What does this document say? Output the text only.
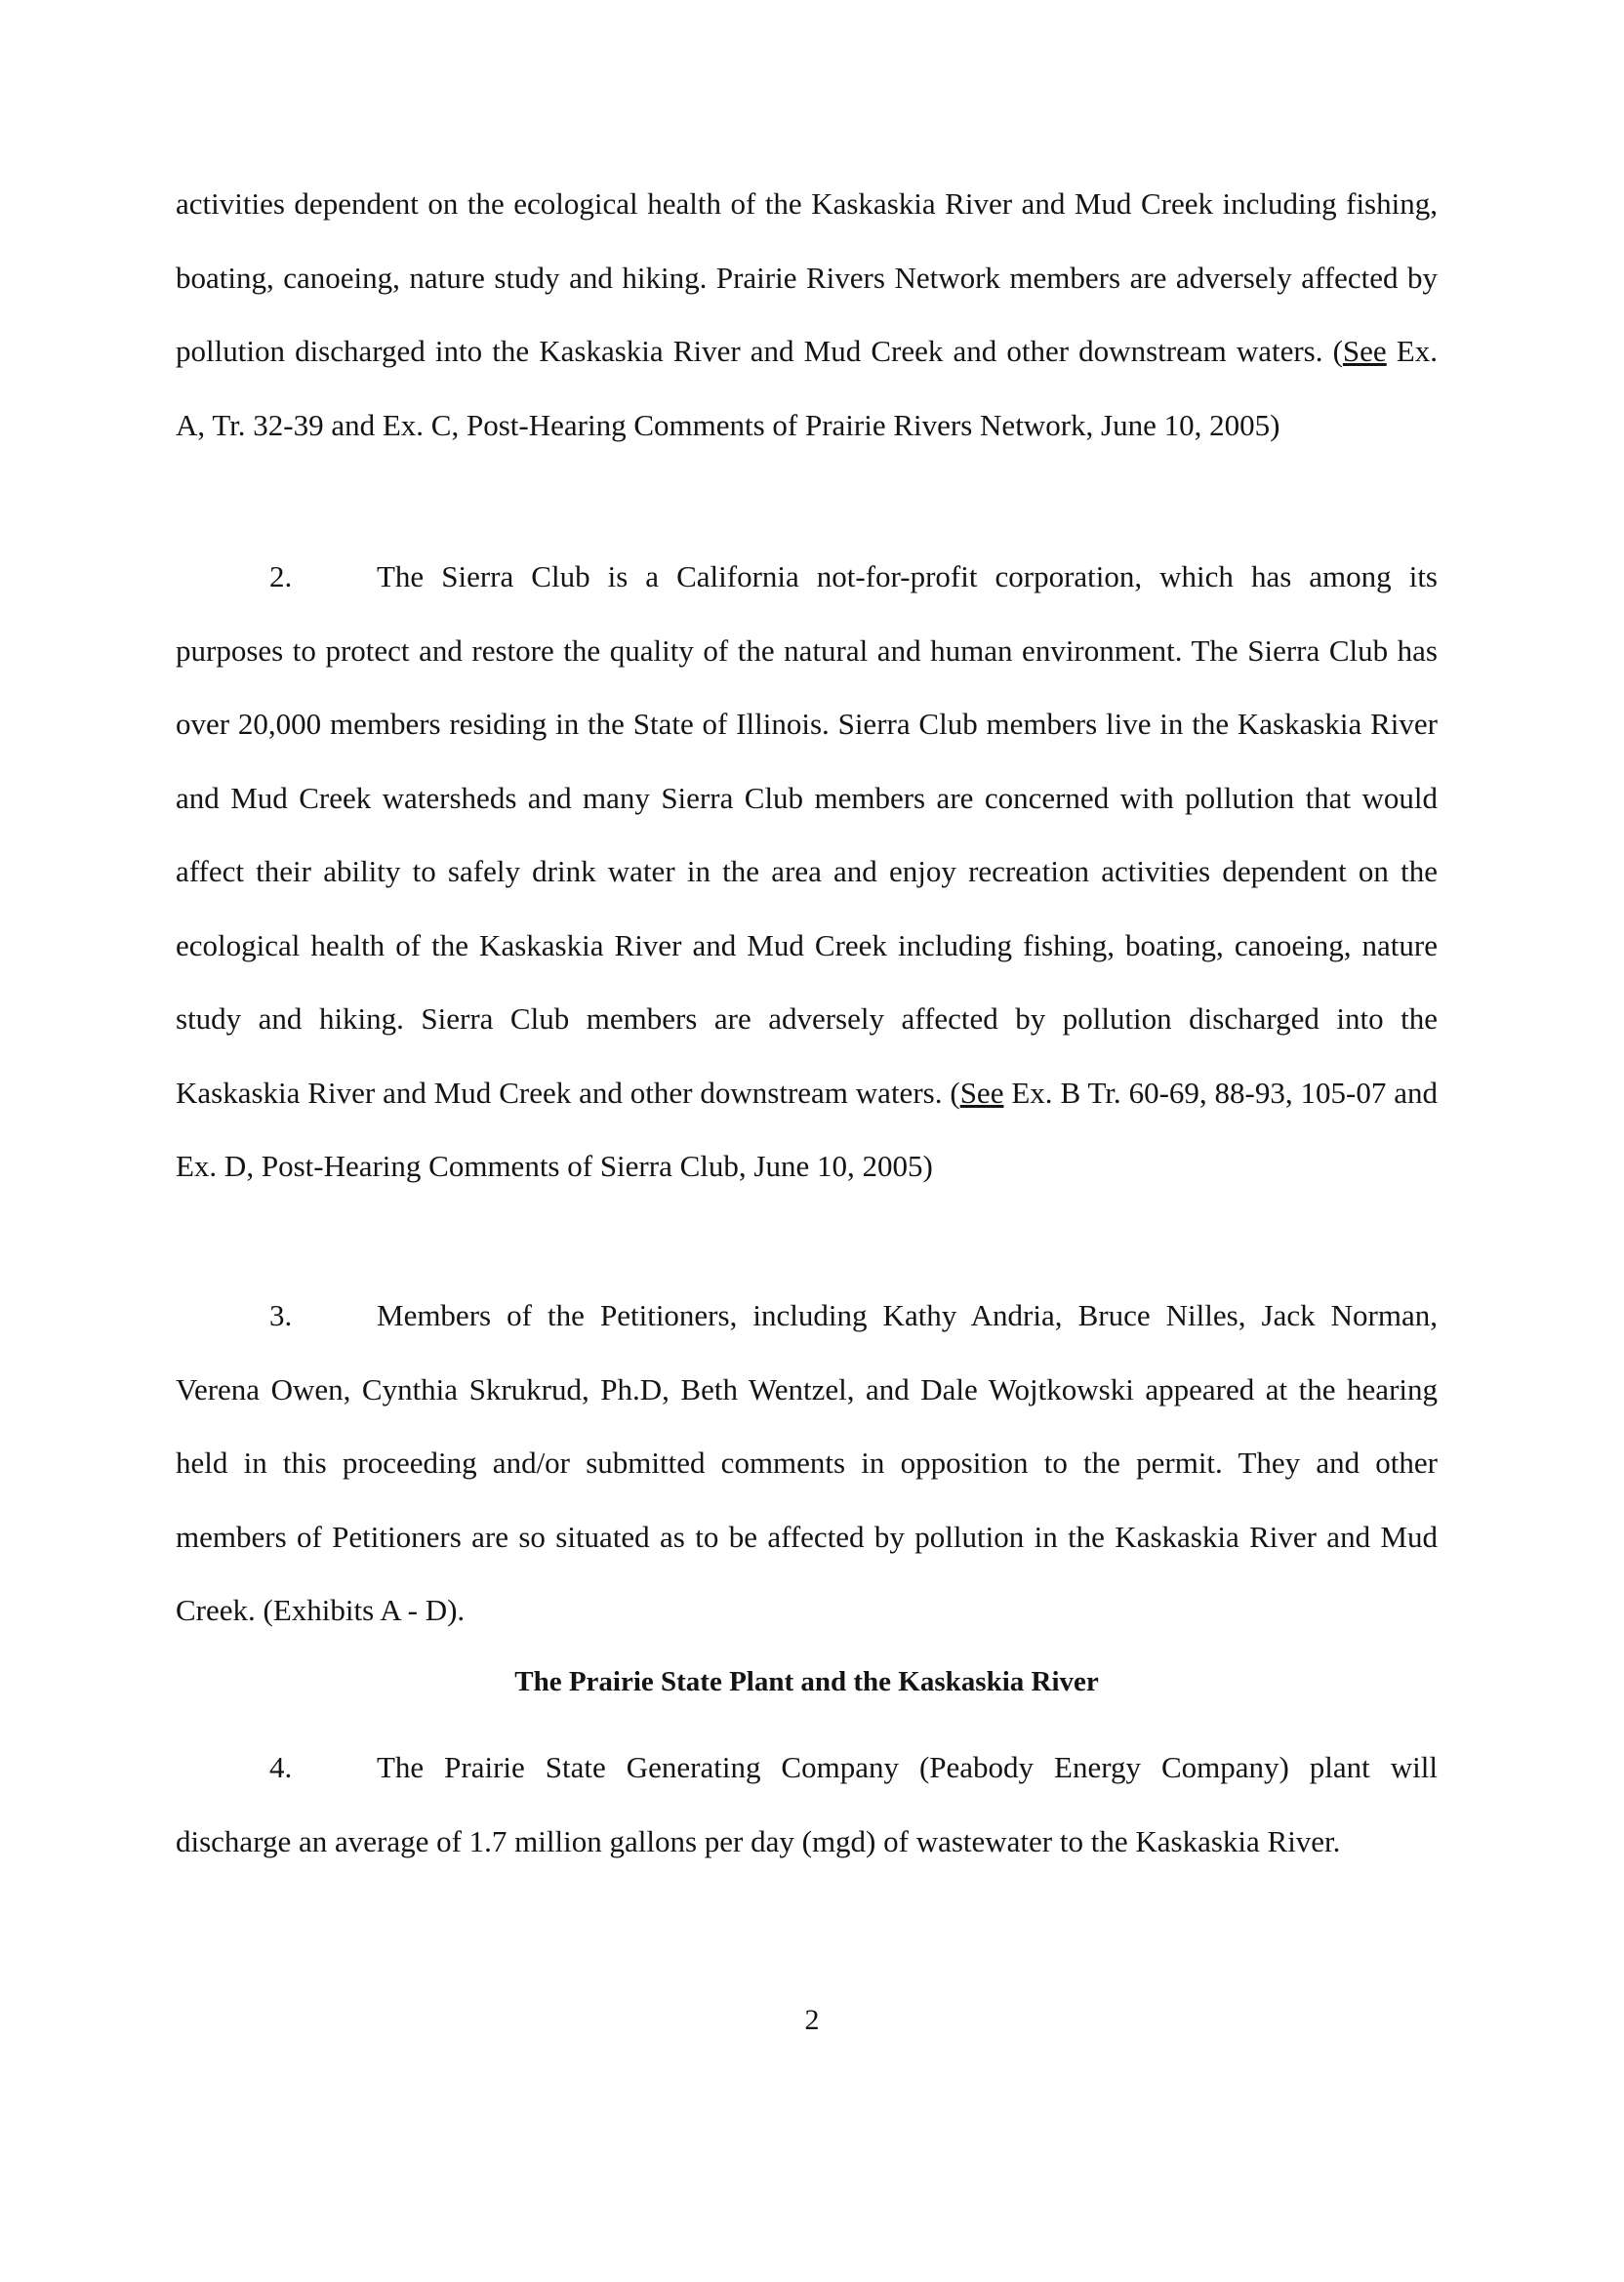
activities dependent on the ecological health of the Kaskaskia River and Mud Creek including fishing, boating, canoeing, nature study and hiking. Prairie Rivers Network members are adversely affected by pollution discharged into the Kaskaskia River and Mud Creek and other downstream waters. (See Ex. A, Tr. 32-39 and Ex. C, Post-Hearing Comments of Prairie Rivers Network, June 10, 2005)

2.	The Sierra Club is a California not-for-profit corporation, which has among its purposes to protect and restore the quality of the natural and human environment. The Sierra Club has over 20,000 members residing in the State of Illinois. Sierra Club members live in the Kaskaskia River and Mud Creek watersheds and many Sierra Club members are concerned with pollution that would affect their ability to safely drink water in the area and enjoy recreation activities dependent on the ecological health of the Kaskaskia River and Mud Creek including fishing, boating, canoeing, nature study and hiking. Sierra Club members are adversely affected by pollution discharged into the Kaskaskia River and Mud Creek and other downstream waters. (See Ex. B Tr. 60-69, 88-93, 105-07 and Ex. D, Post-Hearing Comments of Sierra Club, June 10, 2005)

3.	Members of the Petitioners, including Kathy Andria, Bruce Nilles, Jack Norman, Verena Owen, Cynthia Skrukrud, Ph.D, Beth Wentzel, and Dale Wojtkowski appeared at the hearing held in this proceeding and/or submitted comments in opposition to the permit. They and other members of Petitioners are so situated as to be affected by pollution in the Kaskaskia River and Mud Creek. (Exhibits A - D).

The Prairie State Plant and the Kaskaskia River

4.	The Prairie State Generating Company (Peabody Energy Company) plant will discharge an average of 1.7 million gallons per day (mgd) of wastewater to the Kaskaskia River.

2
